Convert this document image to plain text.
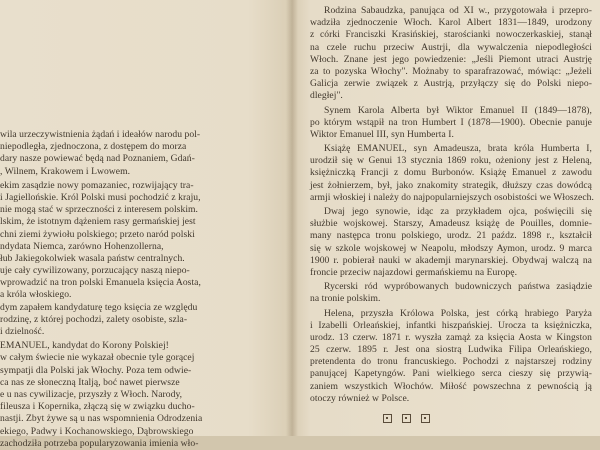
wila urzeczywistnienia żądań i ideałów narodu pol-
niepodległa, zjednoczona, z dostępem do morza
dary nasze powiewać będą nad Poznaniem, Gdań-
, Wilnem, Krakowem i Lwowem.
ekim zasądzie nowy pomazaniec, rozwijający tra-
i Jagiellońskie. Król Polski musi pochodzić z kraju,
nie mogą stać w sprzeczności z interesem polskim.
lskim, że istotnym dążeniem rasy germańskiej jest
chni ziemi żywiołu polskiego; przeto naród polski
ndydata Niemca, zarówno Hohenzollerna,
łub Jakiegokolwiek wasala państw centralnych.
uje cały cywilizowany, porzucający naszą niepo-
wprowadzić na tron polski Emanuela księcia Aosta,
a króla włoskiego.
dym zapałem kandydaturę tego księcia ze względu
rodzinę, z której pochodzi, zalety osobiste, szla-
i dzielność.
EMANUEL, kandydat do Korony Polskiej!
w całym świecie nie wykazał obecnie tyle gorącej
sympatji dla Polski jak Włochy. Poza tem odwie-
ca nas ze słoneczną Italją, boć nawet pierwsze
e u nas cywilizacje, przyszły z Włoch. Narody,
fileusza i Kopernika, złączą się w związku ducho-
nastji. Zbyt żywe są u nas wspomnienia Odrodzenia
ekiego, Padwy i Kochanowskiego, Dąbrowskiego
zachodziła potrzeba popularyzowania imienia wło-
Rodzina Sabaudzka, panująca od XI w., przygotowała i przepro-
wadziła zjednoczenie Włoch. Karol Albert 1831—1849, urodzony
z córki Franciszki Krasińskiej, starościanki nowoczerkaskiej, stanął
na czele ruchu przeciw Austrji, dla wywalczenia niepodległości
Włoch. Znane jest jego powiedzenie: „Jeśli Piemont utraci Austrję
za to pozyska Włochy". Możnaby to sparafrazować, mówiąc: „Jeżeli
Galicja zerwie związek z Austrją, przyłączy się do Polski niepo-
dległej".
Synem Karola Alberta był Wiktor Emanuel II (1849—1878),
po którym wstąpił na tron Humbert I (1878—1900). Obecnie panuje
Wiktor Emanuel III, syn Humberta I.
Książę EMANUEL, syn Amadeusza, brata króla Humberta I,
urodził się w Genui 13 stycznia 1869 roku, ożeniony jest z Heleną,
księżniczką Francji z domu Burbonów. Książę Emanuel z zawodu
jest żołnierzem, był, jako znakomity strategik, dłuższy czas dowódcą
armji włoskiej i należy do najpopularniejszych osobistości we Włoszech.
Dwaj jego synowie, idąc za przykładem ojca, poświęcili się
służbie wojskowej. Starszy, Amadeusz książę de Pouilles, domnie-
many następca tronu polskiego, urodz. 21 paźdz. 1898 r., kształcił
się w szkole wojskowej w Neapolu, młodszy Aymon, urodz. 9 marca
1900 r. pobierał nauki w akademji marynarskiej. Obydwaj walczą na
froncie przeciw najazdowi germańskiemu na Europę.
Rycerski ród wypróbowanych budowniczych państwa zasiądzie
na tronie polskim.
Helena, przyszła Królowa Polska, jest córką hrabiego Paryża
i Izabelli Orleańskiej, infantki hiszpańskiej. Urocza ta księżniczka,
urodz. 13 czerw. 1871 r. wyszła zamąż za księcia Aosta w Kingston
25 czerw. 1895 r. Jest ona siostrą Ludwika Filipa Orleańskiego,
pretendenta do tronu francuskiego. Pochodzi z najstarszej rodziny
panującej Kapetyngów. Pani wielkiego serca cieszy się przywią-
zaniem wszystkich Włochów. Miłość powszechna z pewnością ją
otoczy również w Polsce.
